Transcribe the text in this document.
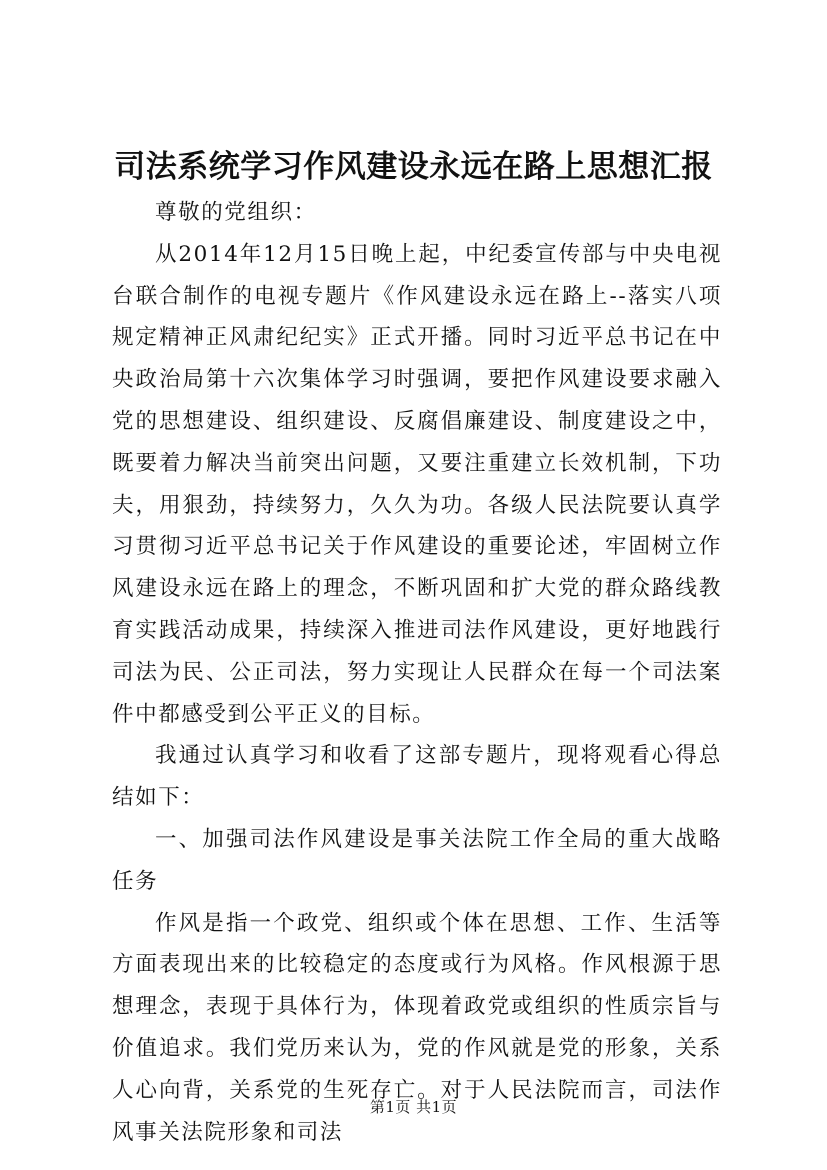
司法系统学习作风建设永远在路上思想汇报

尊敬的党组织：

从2014年12月15日晚上起，中纪委宣传部与中央电视台联合制作的电视专题片《作风建设永远在路上--落实八项规定精神正风肃纪纪实》正式开播。同时习近平总书记在中央政治局第十六次集体学习时强调，要把作风建设要求融入党的思想建设、组织建设、反腐倡廉建设、制度建设之中，既要着力解决当前突出问题，又要注重建立长效机制，下功夫，用狠劲，持续努力，久久为功。各级人民法院要认真学习贯彻习近平总书记关于作风建设的重要论述，牢固树立作风建设永远在路上的理念，不断巩固和扩大党的群众路线教育实践活动成果，持续深入推进司法作风建设，更好地践行司法为民、公正司法，努力实现让人民群众在每一个司法案件中都感受到公平正义的目标。

我通过认真学习和收看了这部专题片，现将观看心得总结如下：

一、加强司法作风建设是事关法院工作全局的重大战略任务

作风是指一个政党、组织或个体在思想、工作、生活等方面表现出来的比较稳定的态度或行为风格。作风根源于思想理念，表现于具体行为，体现着政党或组织的性质宗旨与价值追求。我们党历来认为，党的作风就是党的形象，关系人心向背，关系党的生死存亡。对于人民法院而言，司法作风事关法院形象和司法

第1页 共1页
